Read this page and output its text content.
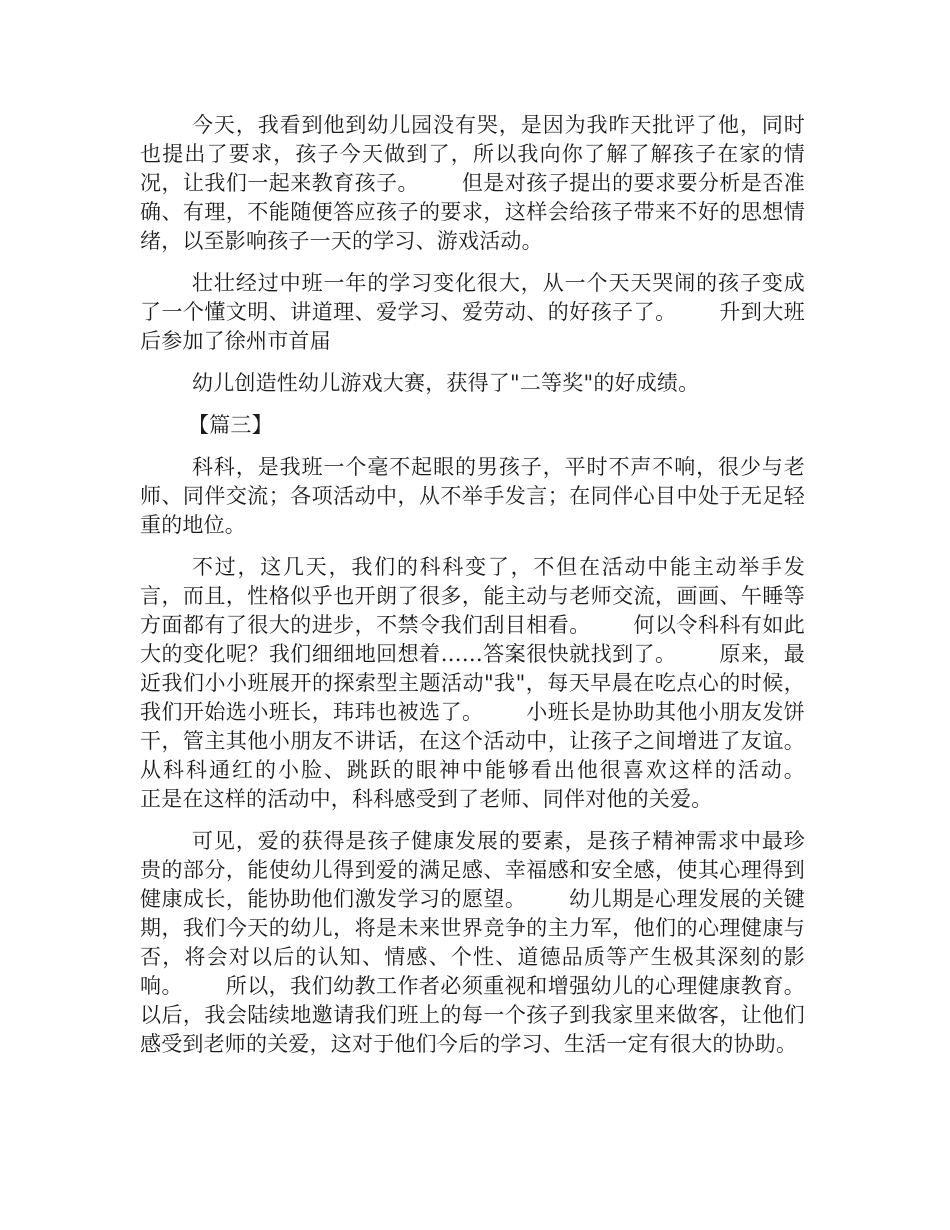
今天，我看到他到幼儿园没有哭，是因为我昨天批评了他，同时也提出了要求，孩子今天做到了，所以我向你了解了解孩子在家的情况，让我们一起来教育孩子。      但是对孩子提出的要求要分析是否准确、有理，不能随便答应孩子的要求，这样会给孩子带来不好的思想情绪，以至影响孩子一天的学习、游戏活动。

壮壮经过中班一年的学习变化很大，从一个天天哭闹的孩子变成了一个懂文明、讲道理、爱学习、爱劳动、的好孩子了。      升到大班后参加了徐州市首届

幼儿创造性幼儿游戏大赛，获得了"二等奖"的好成绩。

【篇三】

科科，是我班一个毫不起眼的男孩子，平时不声不响，很少与老师、同伴交流；各项活动中，从不举手发言；在同伴心目中处于无足轻重的地位。

不过，这几天，我们的科科变了，不但在活动中能主动举手发言，而且，性格似乎也开朗了很多，能主动与老师交流，画画、午睡等方面都有了很大的进步，不禁令我们刮目相看。      何以令科科有如此大的变化呢？我们细细地回想着……答案很快就找到了。      原来，最近我们小小班展开的探索型主题活动"我"，每天早晨在吃点心的时候，我们开始选小班长，玮玮也被选了。      小班长是协助其他小朋友发饼干，管主其他小朋友不讲话，在这个活动中，让孩子之间增进了友谊。      从科科通红的小脸、跳跃的眼神中能够看出他很喜欢这样的活动。      正是在这样的活动中，科科感受到了老师、同伴对他的关爱。

可见，爱的获得是孩子健康发展的要素，是孩子精神需求中最珍贵的部分，能使幼儿得到爱的满足感、幸福感和安全感，使其心理得到健康成长，能协助他们激发学习的愿望。      幼儿期是心理发展的关键期，我们今天的幼儿，将是未来世界竞争的主力军，他们的心理健康与否，将会对以后的认知、情感、个性、道德品质等产生极其深刻的影响。      所以，我们幼教工作者必须重视和增强幼儿的心理健康教育。      以后，我会陆续地邀请我们班上的每一个孩子到我家里来做客，让他们感受到老师的关爱，这对于他们今后的学习、生活一定有很大的协助。
